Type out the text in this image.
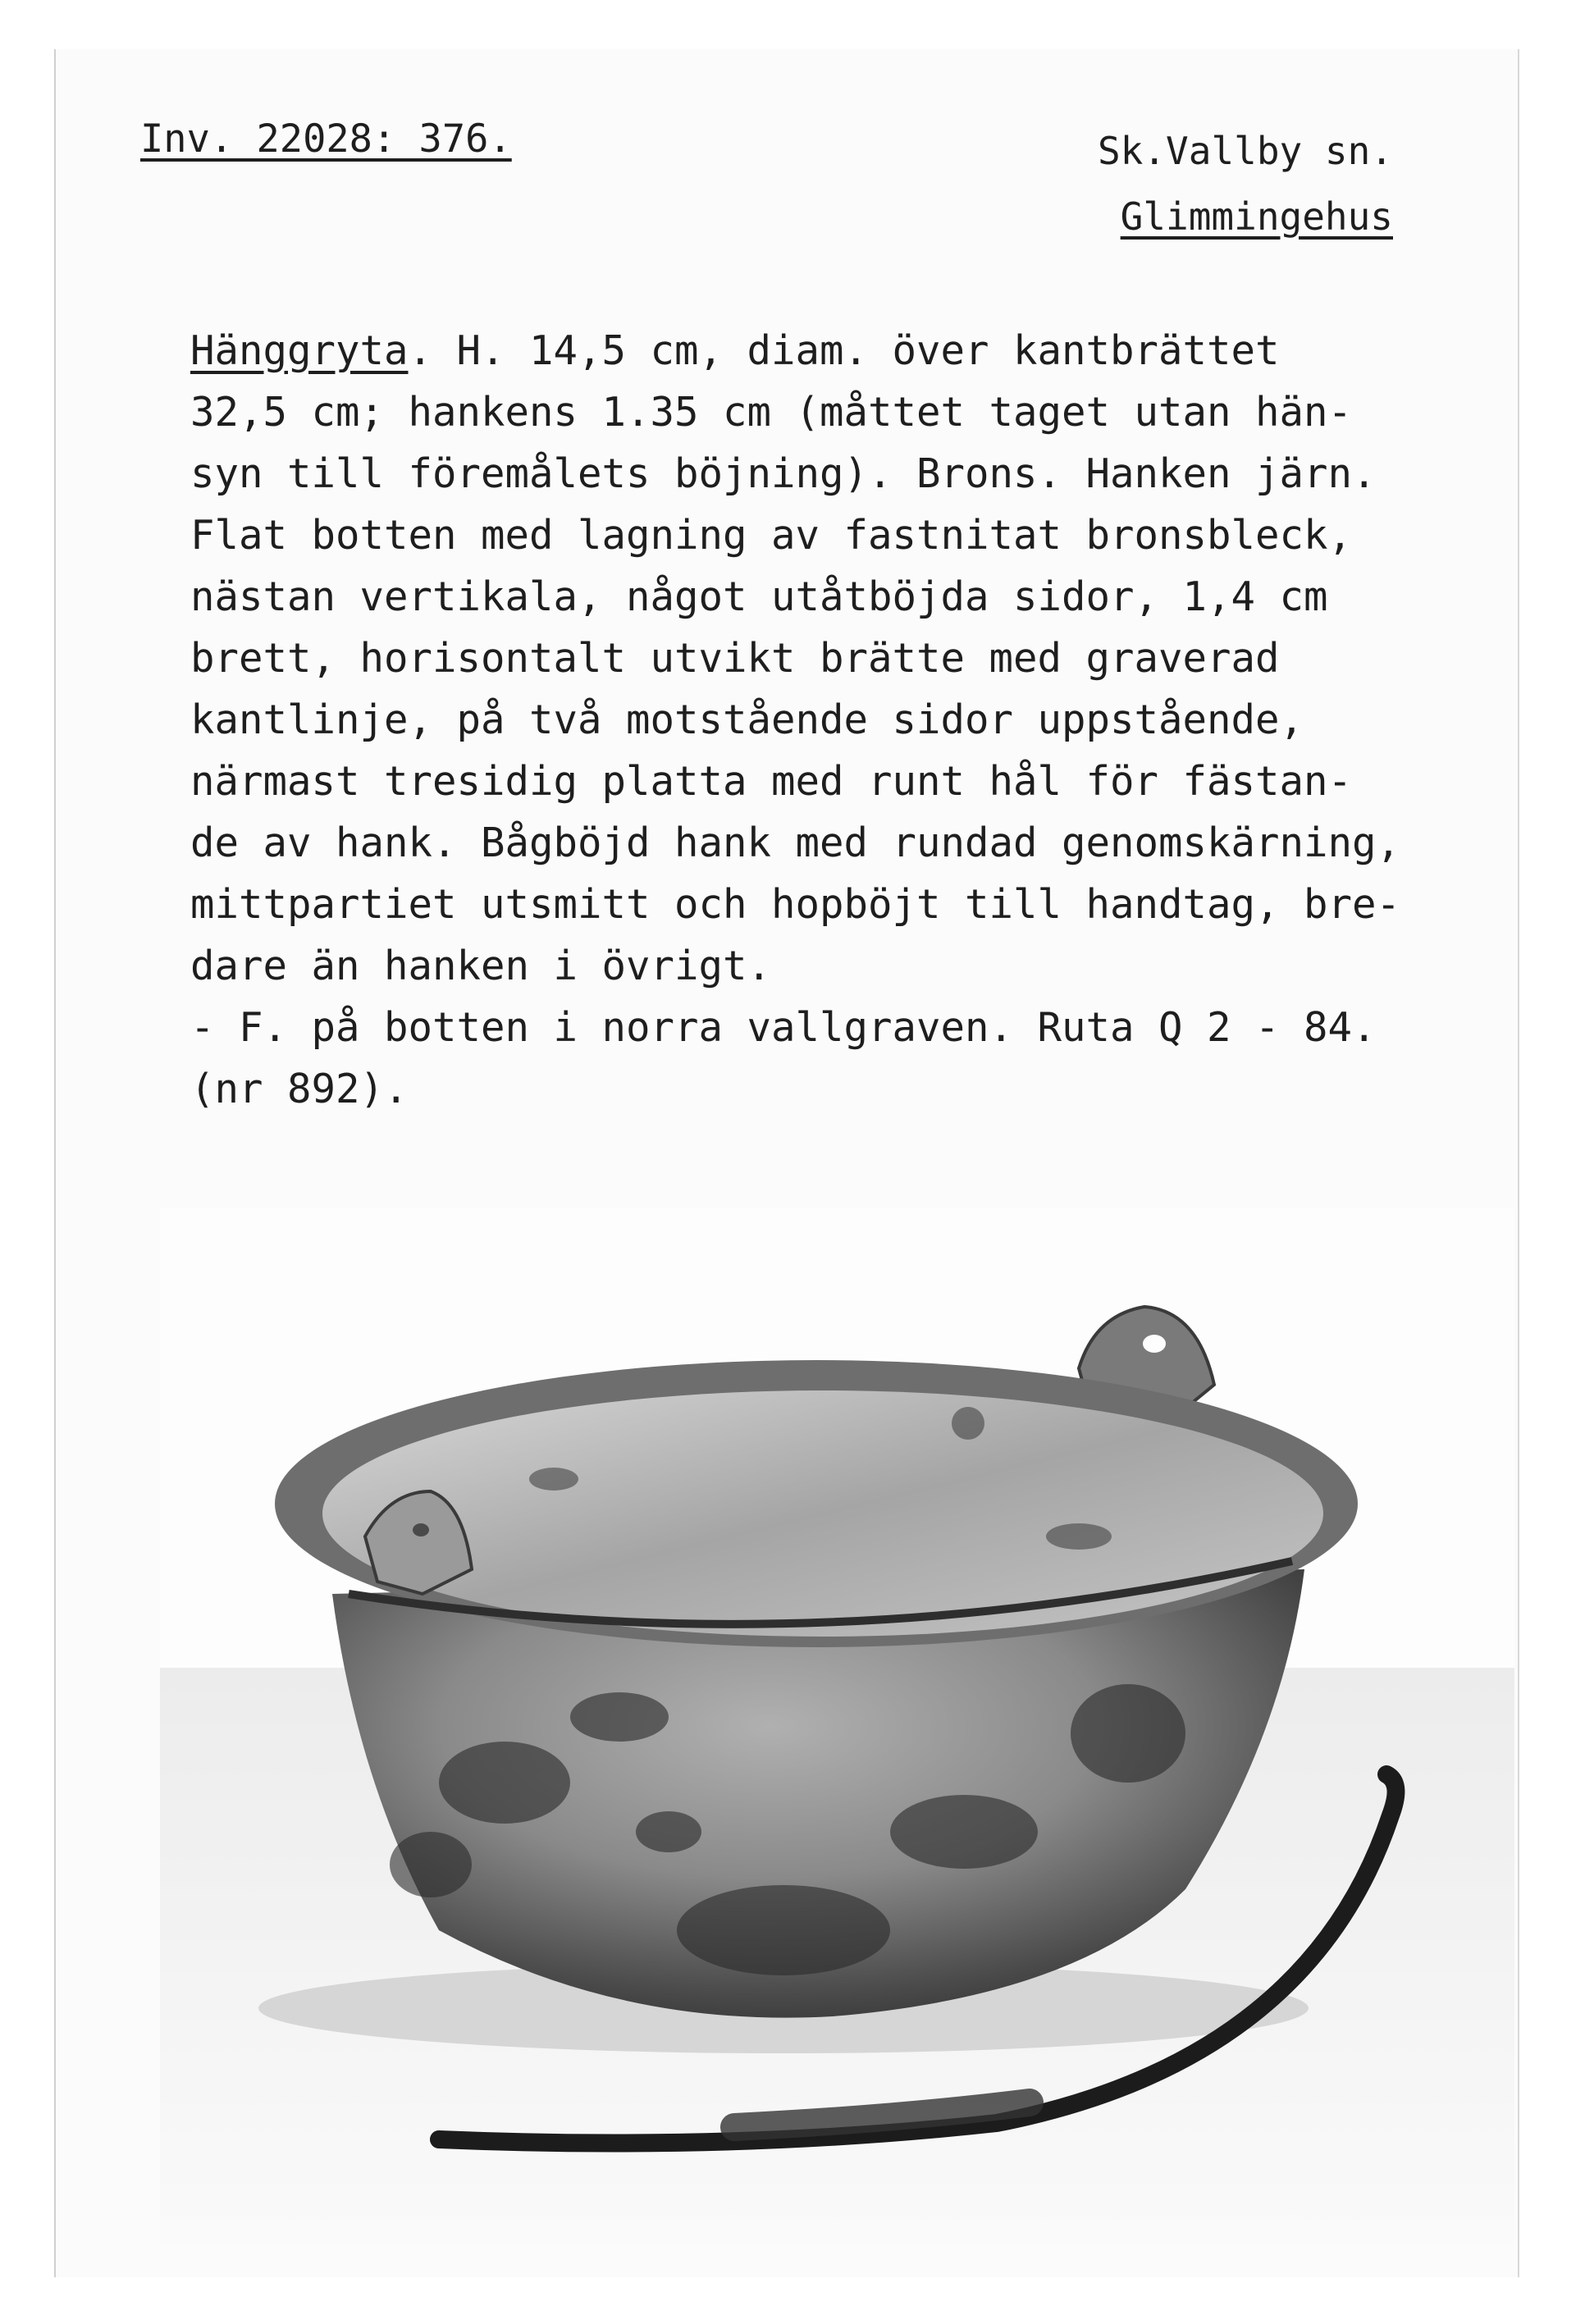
Inv. 22028: 376.	Sk.Vallby sn.
Glimmingehus

Hänggryta. H. 14,5 cm, diam. över kantbrättet

32,5 cm; hankens 1.35 cm (måttet taget utan hän-

syn till föremålets böjning). Brons. Hanken järn.

Flat botten med lagning av fastnitat bronsbleck,

nästan vertikala, något utåtböjda sidor, 1,4 cm

brett, horisontalt utvikt brätte med graverad

kantlinje, på två motstående sidor uppstående,

närmast tresidig platta med runt hål för fästan-

de av hank. Bågböjd hank med rundad genomskärning,

mittpartiet utsmitt och hopböjt till handtag, bre-

dare än hanken i övrigt.

- F. på botten i norra vallgraven. Ruta Q 2 - 84.

(nr 892).
